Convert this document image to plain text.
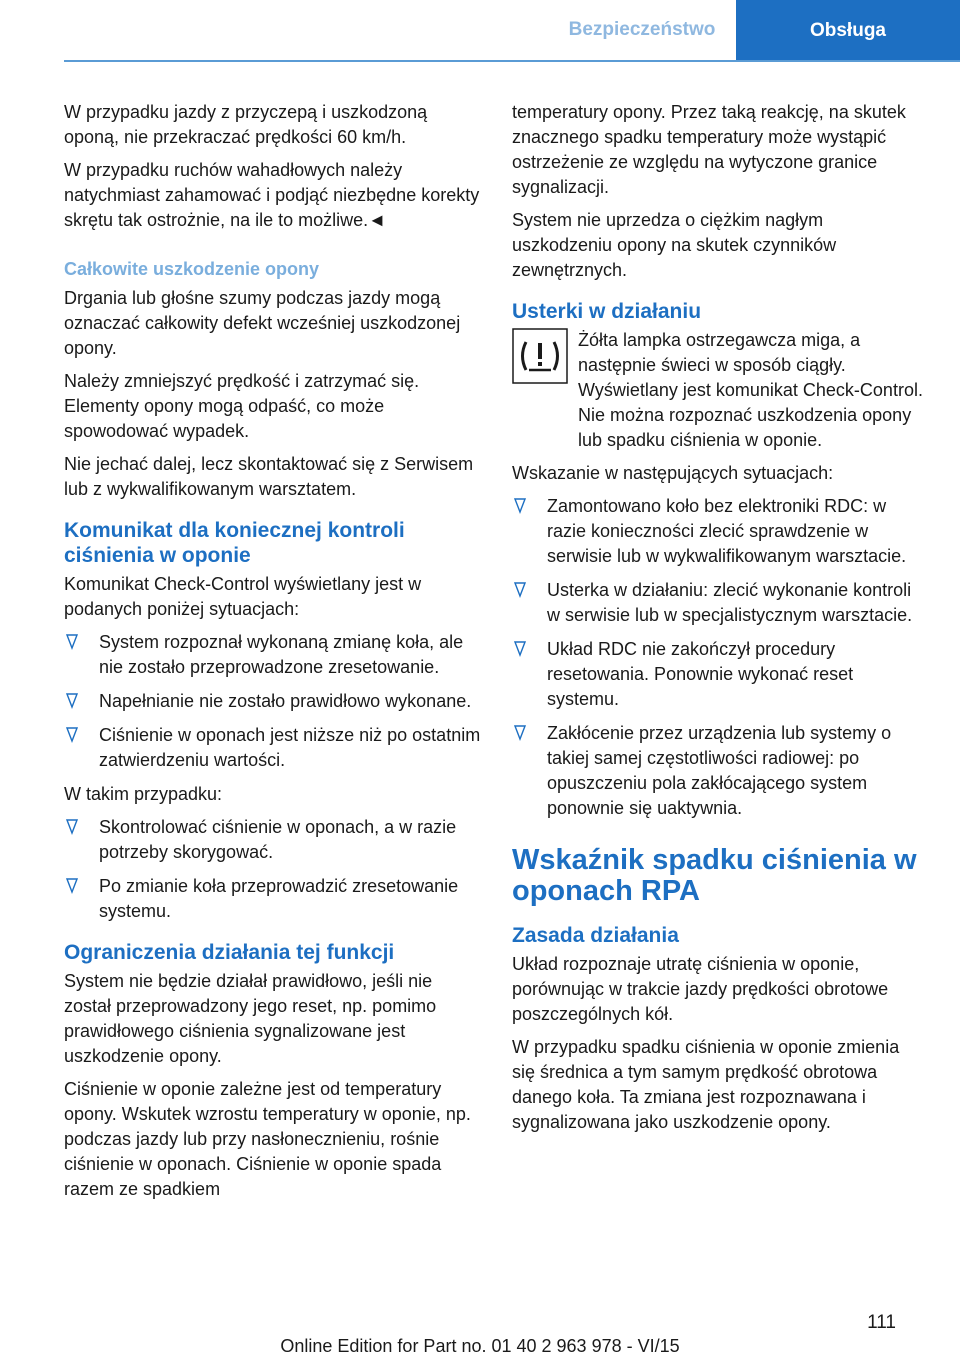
Bezpieczeństwo	Obsługa

W przypadku jazdy z przyczepą i uszkodzoną oponą, nie przekraczać prędkości 60 km/h.

W przypadku ruchów wahadłowych należy natychmiast zahamować i podjąć niezbędne korekty skrętu tak ostrożnie, na ile to możliwe.◄

Całkowite uszkodzenie opony

Drgania lub głośne szumy podczas jazdy mogą oznaczać całkowity defekt wcześniej uszkodzonej opony.

Należy zmniejszyć prędkość i zatrzymać się. Elementy opony mogą odpaść, co może spowodować wypadek.

Nie jechać dalej, lecz skontaktować się z Serwisem lub z wykwalifikowanym warsztatem.

Komunikat dla koniecznej kontroli ciśnienia w oponie

Komunikat Check-Control wyświetlany jest w podanych poniżej sytuacjach:

System rozpoznał wykonaną zmianę koła, ale nie zostało przeprowadzone zresetowanie.
Napełnianie nie zostało prawidłowo wykonane.
Ciśnienie w oponach jest niższe niż po ostatnim zatwierdzeniu wartości.

W takim przypadku:

Skontrolować ciśnienie w oponach, a w razie potrzeby skorygować.
Po zmianie koła przeprowadzić zresetowanie systemu.
Ograniczenia działania tej funkcji

System nie będzie działał prawidłowo, jeśli nie został przeprowadzony jego reset, np. pomimo prawidłowego ciśnienia sygnalizowane jest uszkodzenie opony.

Ciśnienie w oponie zależne jest od temperatury opony. Wskutek wzrostu temperatury w oponie, np. podczas jazdy lub przy nasłonecznieniu, rośnie ciśnienie w oponach. Ciśnienie w oponie spada razem ze spadkiem

temperatury opony. Przez taką reakcję, na skutek znacznego spadku temperatury może wystąpić ostrzeżenie ze względu na wytyczone granice sygnalizacji.

System nie uprzedza o ciężkim nagłym uszkodzeniu opony na skutek czynników zewnętrznych.

Usterki w działaniu

Żółta lampka ostrzegawcza miga, a następnie świeci w sposób ciągły. Wyświetlany jest komunikat Check-Control. Nie można rozpoznać uszkodzenia opony lub spadku ciśnienia w oponie.

Wskazanie w następujących sytuacjach:

Zamontowano koło bez elektroniki RDC: w razie konieczności zlecić sprawdzenie w serwisie lub w wykwalifikowanym warsztacie.
Usterka w działaniu: zlecić wykonanie kontroli w serwisie lub w specjalistycznym warsztacie.
Układ RDC nie zakończył procedury resetowania. Ponownie wykonać reset systemu.
Zakłócenie przez urządzenia lub systemy o takiej samej częstotliwości radiowej: po opuszczeniu pola zakłócającego system ponownie się uaktywnia.
Wskaźnik spadku ciśnienia w oponach RPA
Zasada działania

Układ rozpoznaje utratę ciśnienia w oponie, porównując w trakcie jazdy prędkości obrotowe poszczególnych kół.

W przypadku spadku ciśnienia w oponie zmienia się średnica a tym samym prędkość obrotowa danego koła. Ta zmiana jest rozpoznawana i sygnalizowana jako uszkodzenie opony.

111
Online Edition for Part no. 01 40 2 963 978 - VI/15
